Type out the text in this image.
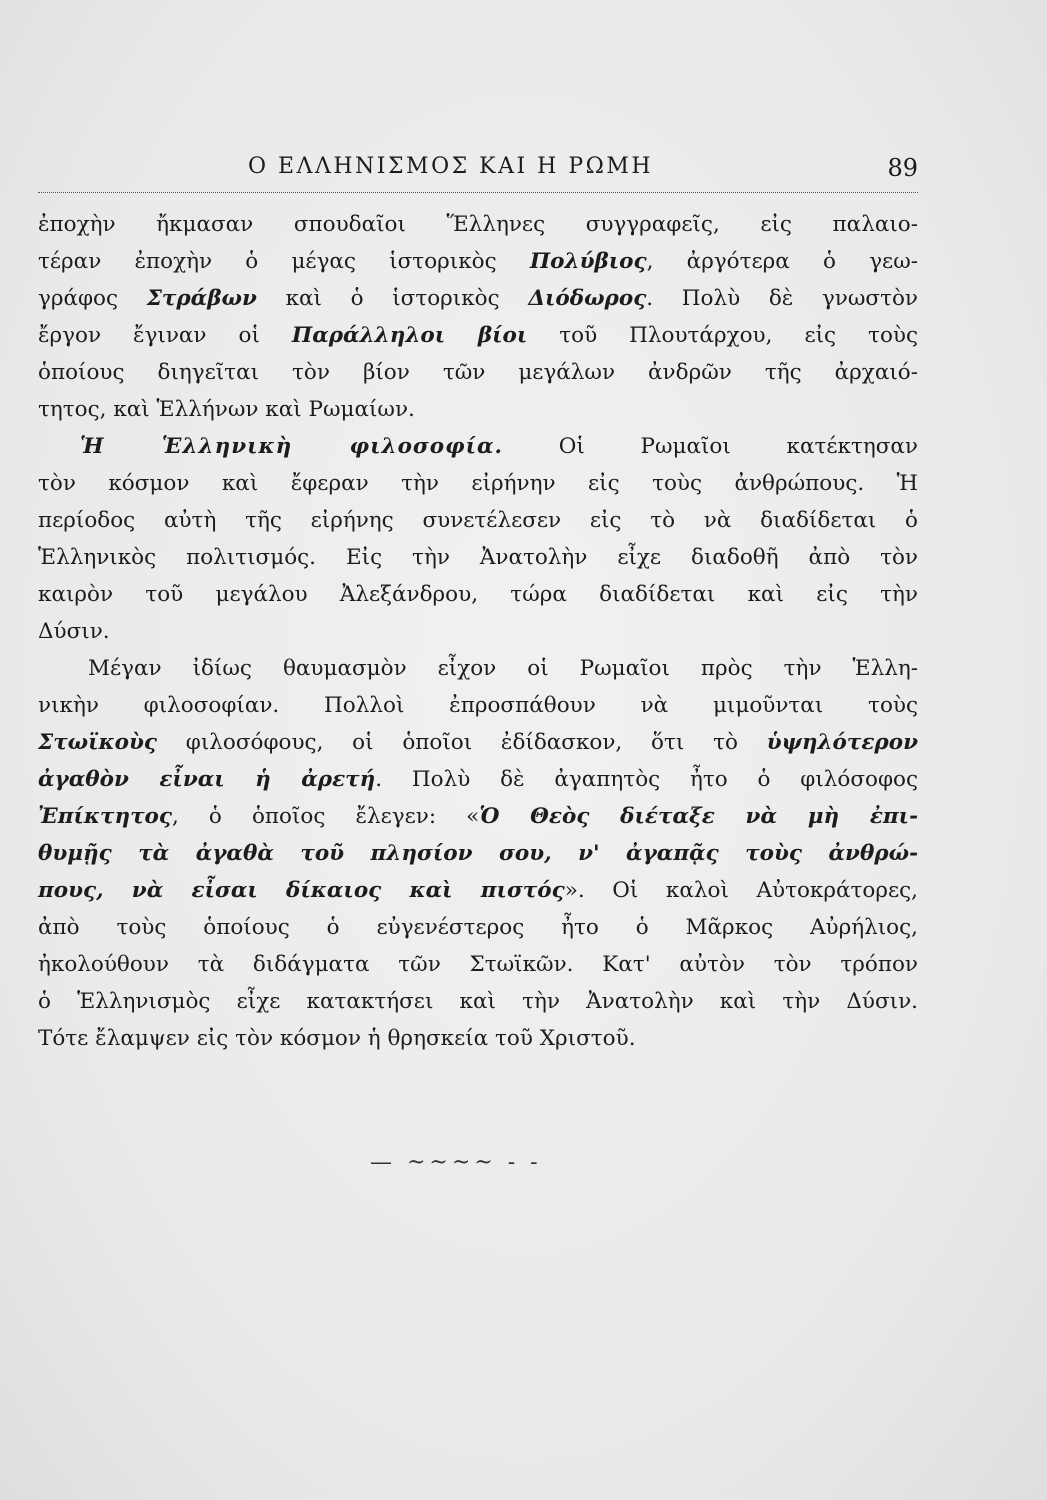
Ο ΕΛΛΗΝΙΣΜΟΣ ΚΑΙ Η ΡΩΜΗ	89
ἐποχὴν ἤκμασαν σπουδαῖοι Ἕλληνες συγγραφεῖς, εἰς παλαιο-
τέραν ἐποχὴν ὁ μέγας ἱστορικὸς Πολύβιος, ἀργότερα ὁ γεω-
γράφος Στράβων καὶ ὁ ἱστορικὸς Διόδωρος. Πολὺ δὲ γνωστὸν
ἔργον ἔγιναν οἱ Παράλληλοι βίοι τοῦ Πλουτάρχου, εἰς τοὺς
ὁποίους διηγεῖται τὸν βίον τῶν μεγάλων ἀνδρῶν τῆς ἀρχαιό-
τητος, καὶ Ἑλλήνων καὶ Ρωμαίων.
Ἡ Ἑλληνικὴ φιλοσοφία. Οἱ Ρωμαῖοι κατέκτησαν
τὸν κόσμον καὶ ἔφεραν τὴν εἰρήνην εἰς τοὺς ἀνθρώπους. Ἡ
περίοδος αὐτὴ τῆς εἰρήνης συνετέλεσεν εἰς τὸ νὰ διαδίδεται ὁ
Ἑλληνικὸς πολιτισμός. Εἰς τὴν Ἀνατολὴν εἶχε διαδοθῆ ἀπὸ τὸν
καιρὸν τοῦ μεγάλου Ἀλεξάνδρου, τώρα διαδίδεται καὶ εἰς τὴν
Δύσιν.
Μέγαν ἰδίως θαυμασμὸν εἶχον οἱ Ρωμαῖοι πρὸς τὴν Ἑλλη-
νικὴν φιλοσοφίαν. Πολλοὶ ἐπροσπάθουν νὰ μιμοῦνται τοὺς
Στωϊκοὺς φιλοσόφους, οἱ ὁποῖοι ἐδίδασκον, ὅτι τὸ ὑψηλότερον
ἀγαθὸν εἶναι ἡ ἀρετή. Πολὺ δὲ ἀγαπητὸς ἦτο ὁ φιλόσοφος
Ἐπίκτητος, ὁ ὁποῖος ἔλεγεν: «Ὁ Θεὸς διέταξε νὰ μὴ ἐπι-
θυμῇς τὰ ἀγαθὰ τοῦ πλησίον σου, ν' ἀγαπᾷς τοὺς ἀνθρώ-
πους, νὰ εἶσαι δίκαιος καὶ πιστός». Οἱ καλοὶ Αὐτοκράτορες,
ἀπὸ τοὺς ὁποίους ὁ εὐγενέστερος ἦτο ὁ Μᾶρκος Αὐρήλιος,
ἠκολούθουν τὰ διδάγματα τῶν Στωϊκῶν. Κατ' αὐτὸν τὸν τρόπον
ὁ Ἑλληνισμὸς εἶχε κατακτήσει καὶ τὴν Ἀνατολὴν καὶ τὴν Δύσιν.
Τότε ἔλαμψεν εἰς τὸν κόσμον ἡ θρησκεία τοῦ Χριστοῦ.
— ~~~~ - -
